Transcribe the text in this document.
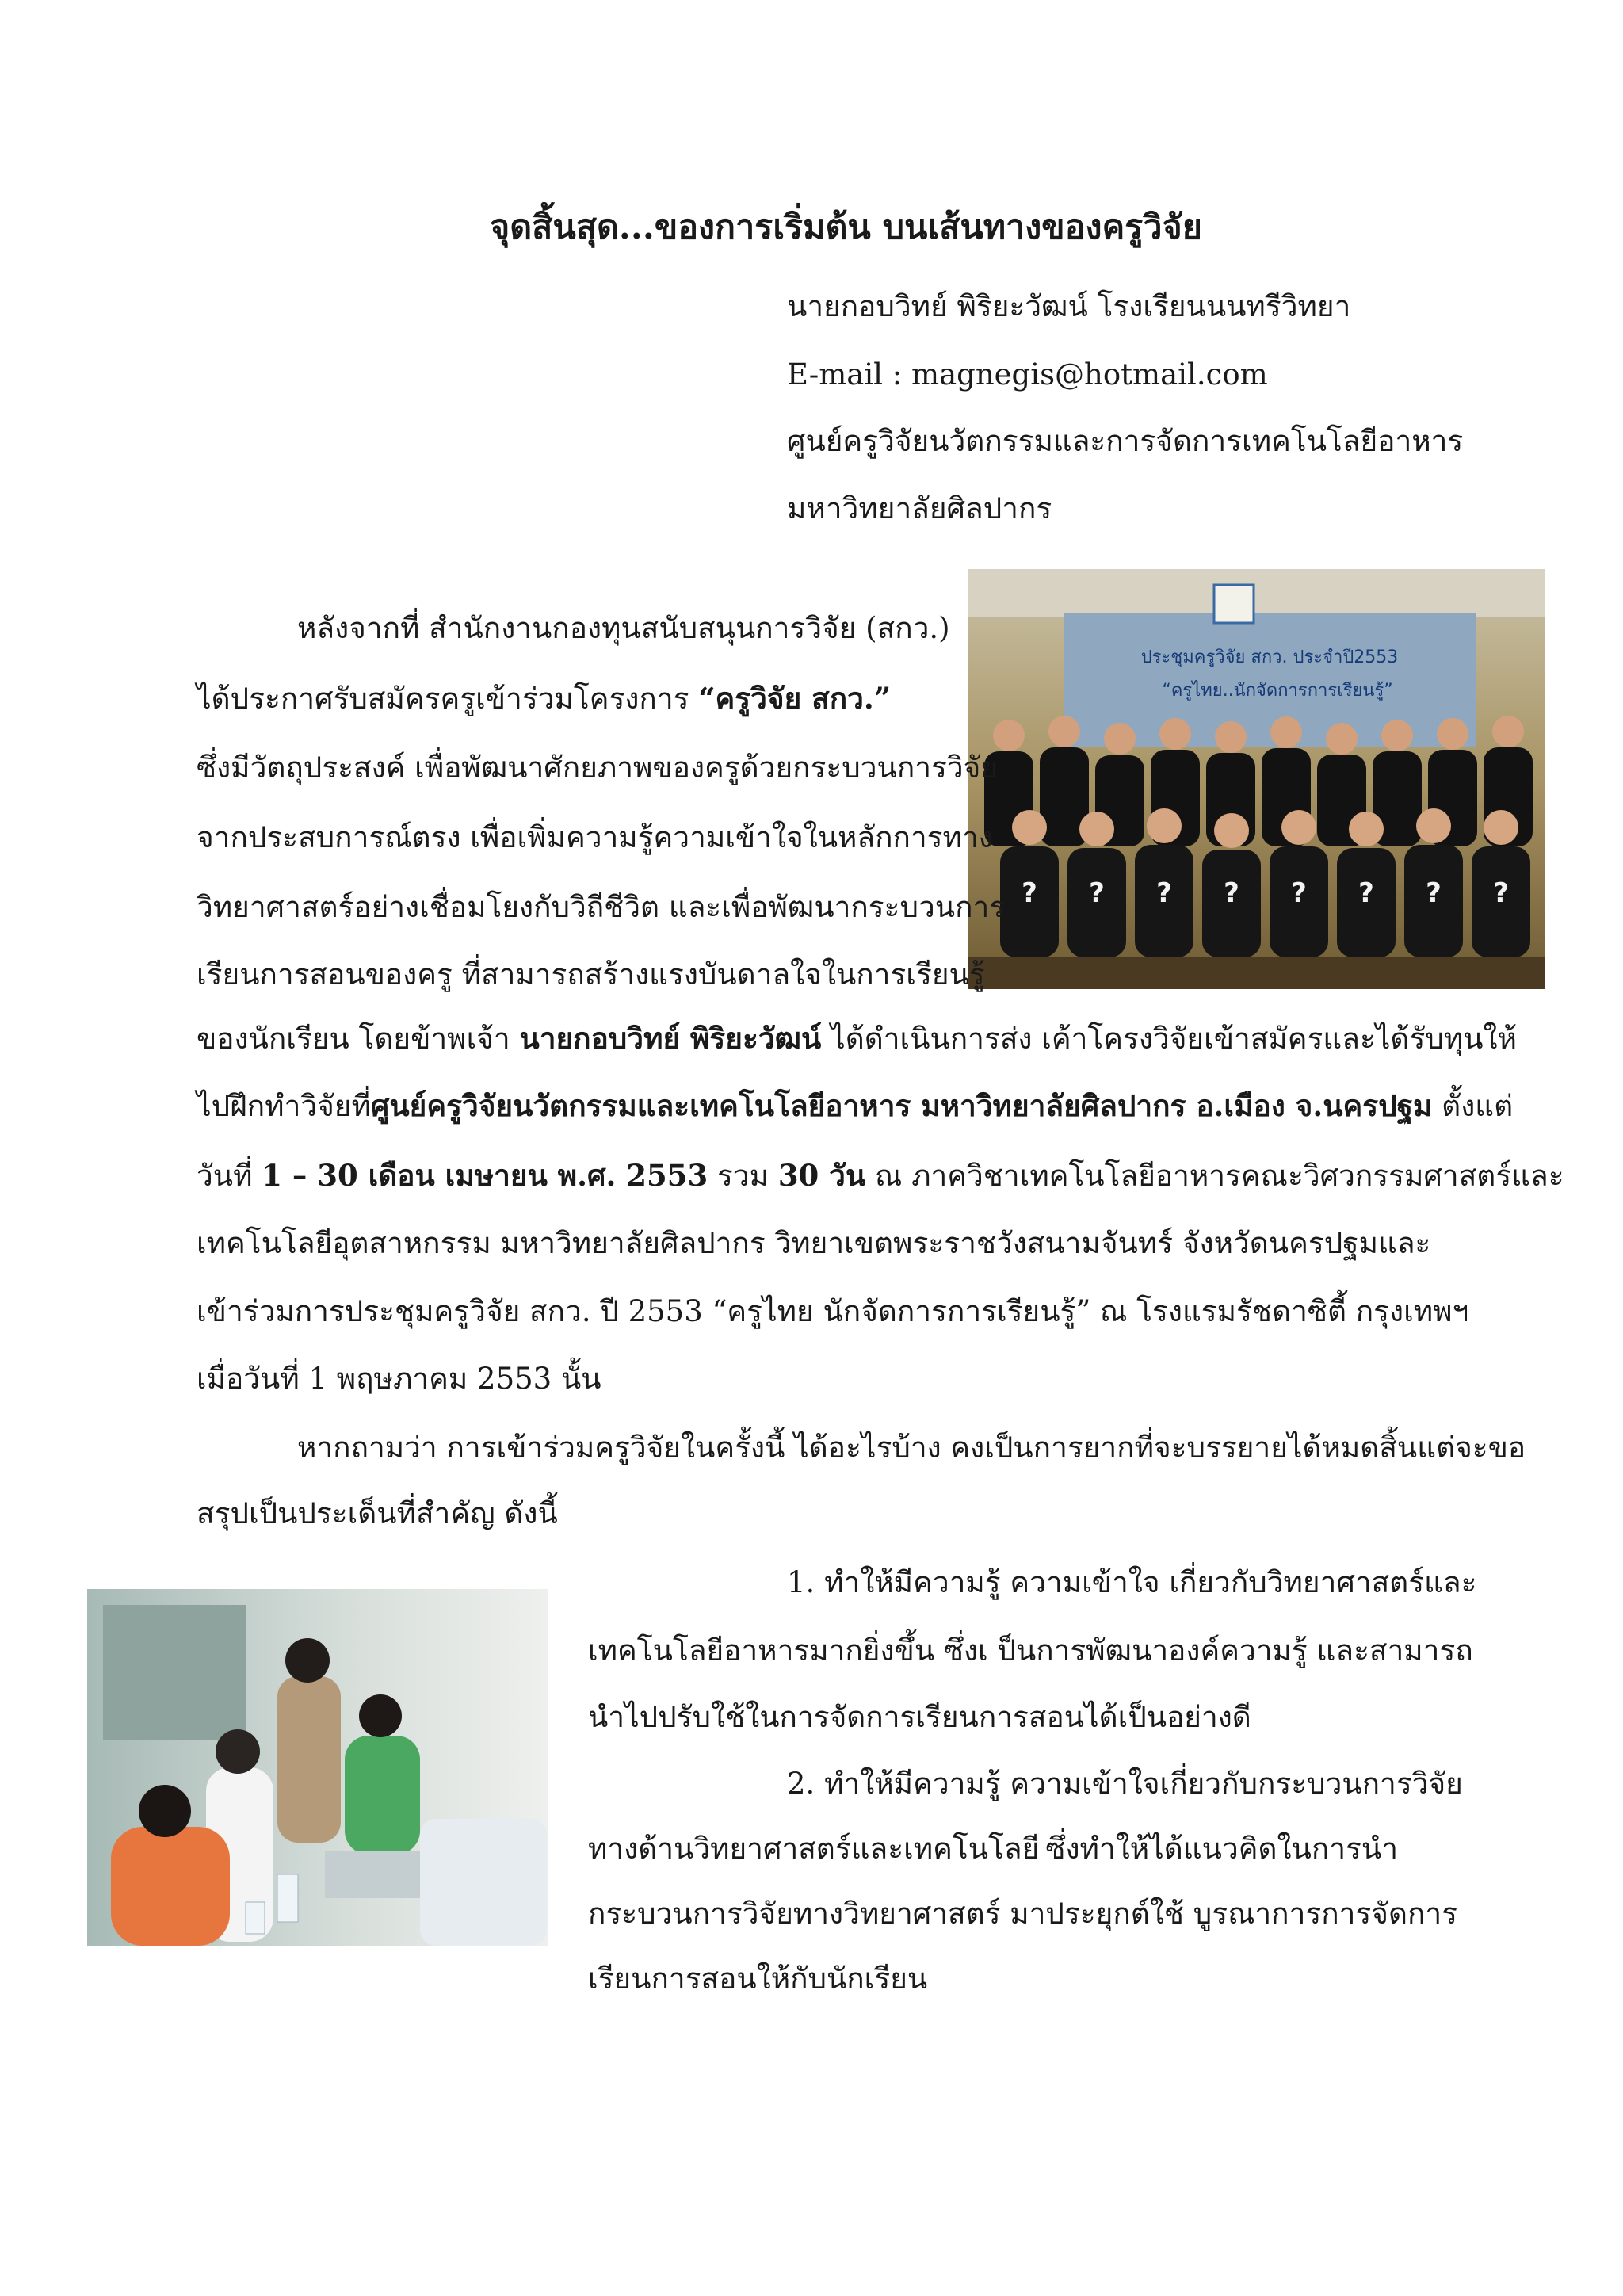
จุดสิ้นสุด...ของการเริ่มต้น บนเส้นทางของครูวิจัย
นายกอบวิทย์ พิริยะวัฒน์ โรงเรียนนนทรีวิทยา
E-mail : magnegis@hotmail.com
ศูนย์ครูวิจัยนวัตกรรมและการจัดการเทคโนโลยีอาหาร
มหาวิทยาลัยศิลปากร
ประชุมครูวิจัย สกว. ประจำปี2553
“ครูไทย..นักจัดการการเรียนรู้”
? ? ? ? ? ? ? ?
หลังจากที่ สำนักงานกองทุนสนับสนุนการวิจัย (สกว.)
ได้ประกาศรับสมัครครูเข้าร่วมโครงการ “ครูวิจัย สกว.”
ซึ่งมีวัตถุประสงค์ เพื่อพัฒนาศักยภาพของครูด้วยกระบวนการวิจัย
จากประสบการณ์ตรง เพื่อเพิ่มความรู้ความเข้าใจในหลักการทาง
วิทยาศาสตร์อย่างเชื่อมโยงกับวิถีชีวิต และเพื่อพัฒนากระบวนการ
เรียนการสอนของครู ที่สามารถสร้างแรงบันดาลใจในการเรียนรู้
ของนักเรียน โดยข้าพเจ้า นายกอบวิทย์ พิริยะวัฒน์ ได้ดำเนินการส่ง เค้าโครงวิจัยเข้าสมัครและได้รับทุนให้
ไปฝึกทำวิจัยที่ศูนย์ครูวิจัยนวัตกรรมและเทคโนโลยีอาหาร มหาวิทยาลัยศิลปากร อ.เมือง จ.นครปฐม ตั้งแต่
วันที่ 1 – 30 เดือน เมษายน พ.ศ. 2553 รวม 30 วัน ณ ภาควิชาเทคโนโลยีอาหารคณะวิศวกรรมศาสตร์และ
เทคโนโลยีอุตสาหกรรม มหาวิทยาลัยศิลปากร วิทยาเขตพระราชวังสนามจันทร์ จังหวัดนครปฐม และ
เข้าร่วมการประชุมครูวิจัย สกว. ปี 2553 “ครูไทย นักจัดการการเรียนรู้” ณ โรงแรมรัชดาซิตี้ กรุงเทพฯ
เมื่อวันที่ 1 พฤษภาคม 2553 นั้น
หากถามว่า การเข้าร่วมครูวิจัยในครั้งนี้ ได้อะไรบ้าง คงเป็นการยากที่จะบรรยายได้หมดสิ้นแต่จะขอ
สรุปเป็นประเด็นที่สำคัญ ดังนี้
1. ทำให้มีความรู้ ความเข้าใจ เกี่ยวกับวิทยาศาสตร์และ
เทคโนโลยีอาหารมากยิ่งขึ้น ซึ่งเ ป็นการพัฒนาองค์ความรู้ และสามารถ
นำไปปรับใช้ในการจัดการเรียนการสอนได้เป็นอย่างดี
2. ทำให้มีความรู้ ความเข้าใจเกี่ยวกับกระบวนการวิจัย
ทางด้านวิทยาศาสตร์และเทคโนโลยี ซึ่งทำให้ได้แนวคิดในการนำ
กระบวนการวิจัยทางวิทยาศาสตร์ มาประยุกต์ใช้ บูรณาการการจัดการ
เรียนการสอนให้กับนักเรียน
